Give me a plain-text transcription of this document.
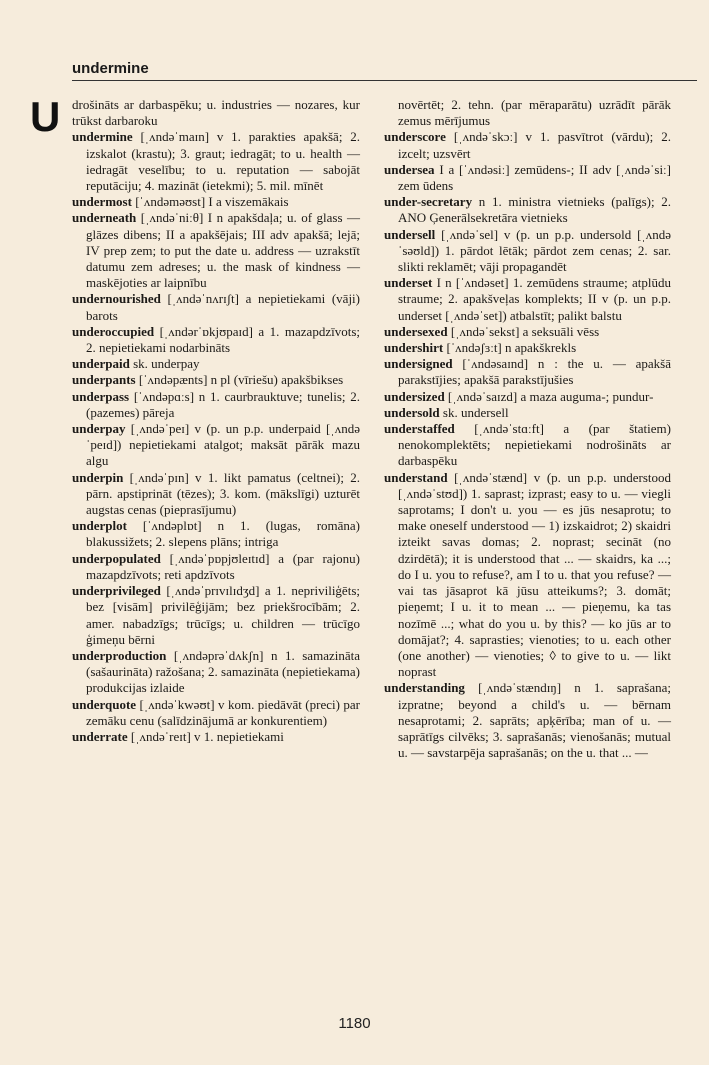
undermine
U drošināts ar darbaspēku; u. industries — nozares, kur trūkst darbaroku

undermine [ˌʌndəˈmaɪn] v 1. parakties apakšā; 2. izskalot (krastu); 3. graut; iedragāt; to u. health — iedragāt veselību; to u. reputation — sabojāt reputāciju; 4. mazināt (ietekmi); 5. mil. mīnēt

undermost [ˈʌndəməʊst] I a viszemākais

underneath [ˌʌndəˈniːθ] I n apakšdaļa; u. of glass — glāzes dibens; II a apakšējais; III adv apakšā; lejā; IV prep zem; to put the date u. address — uzrakstīt datumu zem adreses; u. the mask of kindness — maskējoties ar laipnību

undernourished [ˌʌndəˈnʌrɪʃt] a nepietiekami (vāji) barots

underoccupied [ˌʌndərˈɒkjʊpaɪd] a 1. mazapdzīvots; 2. nepietiekami nodarbināts

underpaid sk. underpay

underpants [ˈʌndəpænts] n pl (vīriešu) apakšbikses

underpass [ˈʌndəpɑːs] n 1. caurbrauktuve; tunelis; 2. (pazemes) pāreja

underpay [ˌʌndəˈpeɪ] v (p. un p.p. underpaid [ˌʌndəˈpeɪd]) nepietiekami atalgot; maksāt pārāk mazu algu

underpin [ˌʌndəˈpɪn] v 1. likt pamatus (celtnei); 2. pārn. apstiprināt (tēzes); 3. kom. (mākslīgi) uzturēt augstas cenas (pieprasījumu)

underplot [ˈʌndəplɒt] n 1. (lugas, romāna) blakussižets; 2. slepens plāns; intriga

underpopulated [ˌʌndəˈpɒpjʊleɪtɪd] a (par rajonu) mazapdzīvots; reti apdzīvots

underprivileged [ˌʌndəˈprɪvɪlɪdʒd] a 1. nepriviliģēts; bez [visām] privilēģijām; bez priekšrocībām; 2. amer. nabadzīgs; trūcīgs; u. children — trūcīgo ģimeņu bērni

underproduction [ˌʌndəprəˈdʌkʃn] n 1. samazināta (sašaurināta) ražošana; 2. samazināta (nepietiekama) produkcijas izlaide

underquote [ˌʌndəˈkwəʊt] v kom. piedāvāt (preci) par zemāku cenu (salīdzinājumā ar konkurentiem)

underrate [ˌʌndəˈreɪt] v 1. nepietiekami

novērtēt; 2. tehn. (par mēraparātu) uzrādīt pārāk zemus mērījumus

underscore [ˌʌndəˈskɔː] v 1. pasvītrot (vārdu); 2. izcelt; uzsvērt

undersea I a [ˈʌndəsiː] zemūdens-; II adv [ˌʌndəˈsiː] zem ūdens

under-secretary n 1. ministra vietnieks (palīgs); 2. ANO Ģenerālsekretāra vietnieks

undersell [ˌʌndəˈsel] v (p. un p.p. undersold [ˌʌndəˈsəʊld]) 1. pārdot lētāk; pārdot zem cenas; 2. sar. slikti reklamēt; vāji propagandēt

underset I n [ˈʌndəset] 1. zemūdens straume; atplūdu straume; 2. apakšveļas komplekts; II v (p. un p.p. underset [ˌʌndəˈset]) atbalstīt; palikt balstu

undersexed [ˌʌndəˈsekst] a seksuāli vēss

undershirt [ˈʌndəʃɜːt] n apakškrekls

undersigned [ˈʌndəsaɪnd] n : the u. — apakšā parakstījies; apakšā parakstījušies

undersized [ˌʌndəˈsaɪzd] a maza auguma-; pundur-

undersold sk. undersell

understaffed [ˌʌndəˈstɑːft] a (par štatiem) nenokomplektēts; nepietiekami nodrošināts ar darbaspēku

understand [ˌʌndəˈstænd] v (p. un p.p. understood [ˌʌndəˈstʊd]) 1. saprast; izprast; easy to u. — viegli saprotams; I don't u. you — es jūs nesaprotu; to make oneself understood — 1) izskaidrot; 2) skaidri izteikt savas domas; 2. noprast; secināt (no dzirdētā); it is understood that ... — skaidrs, ka ...; do I u. you to refuse?, am I to u. that you refuse? — vai tas jāsaprot kā jūsu atteikums?; 3. domāt; pieņemt; I u. it to mean ... — pieņemu, ka tas nozīmē ...; what do you u. by this? — ko jūs ar to domājat?; 4. saprasties; vienoties; to u. each other (one another) — vienoties; ◊ to give to u. — likt noprast

understanding [ˌʌndəˈstændɪŋ] n 1. saprašana; izpratne; beyond a child's u. — bērnam nesaprotami; 2. saprāts; apķērība; man of u. — saprātīgs cilvēks; 3. saprašanās; vienošanās; mutual u. — savstarpēja saprašanās; on the u. that ... —

1180
